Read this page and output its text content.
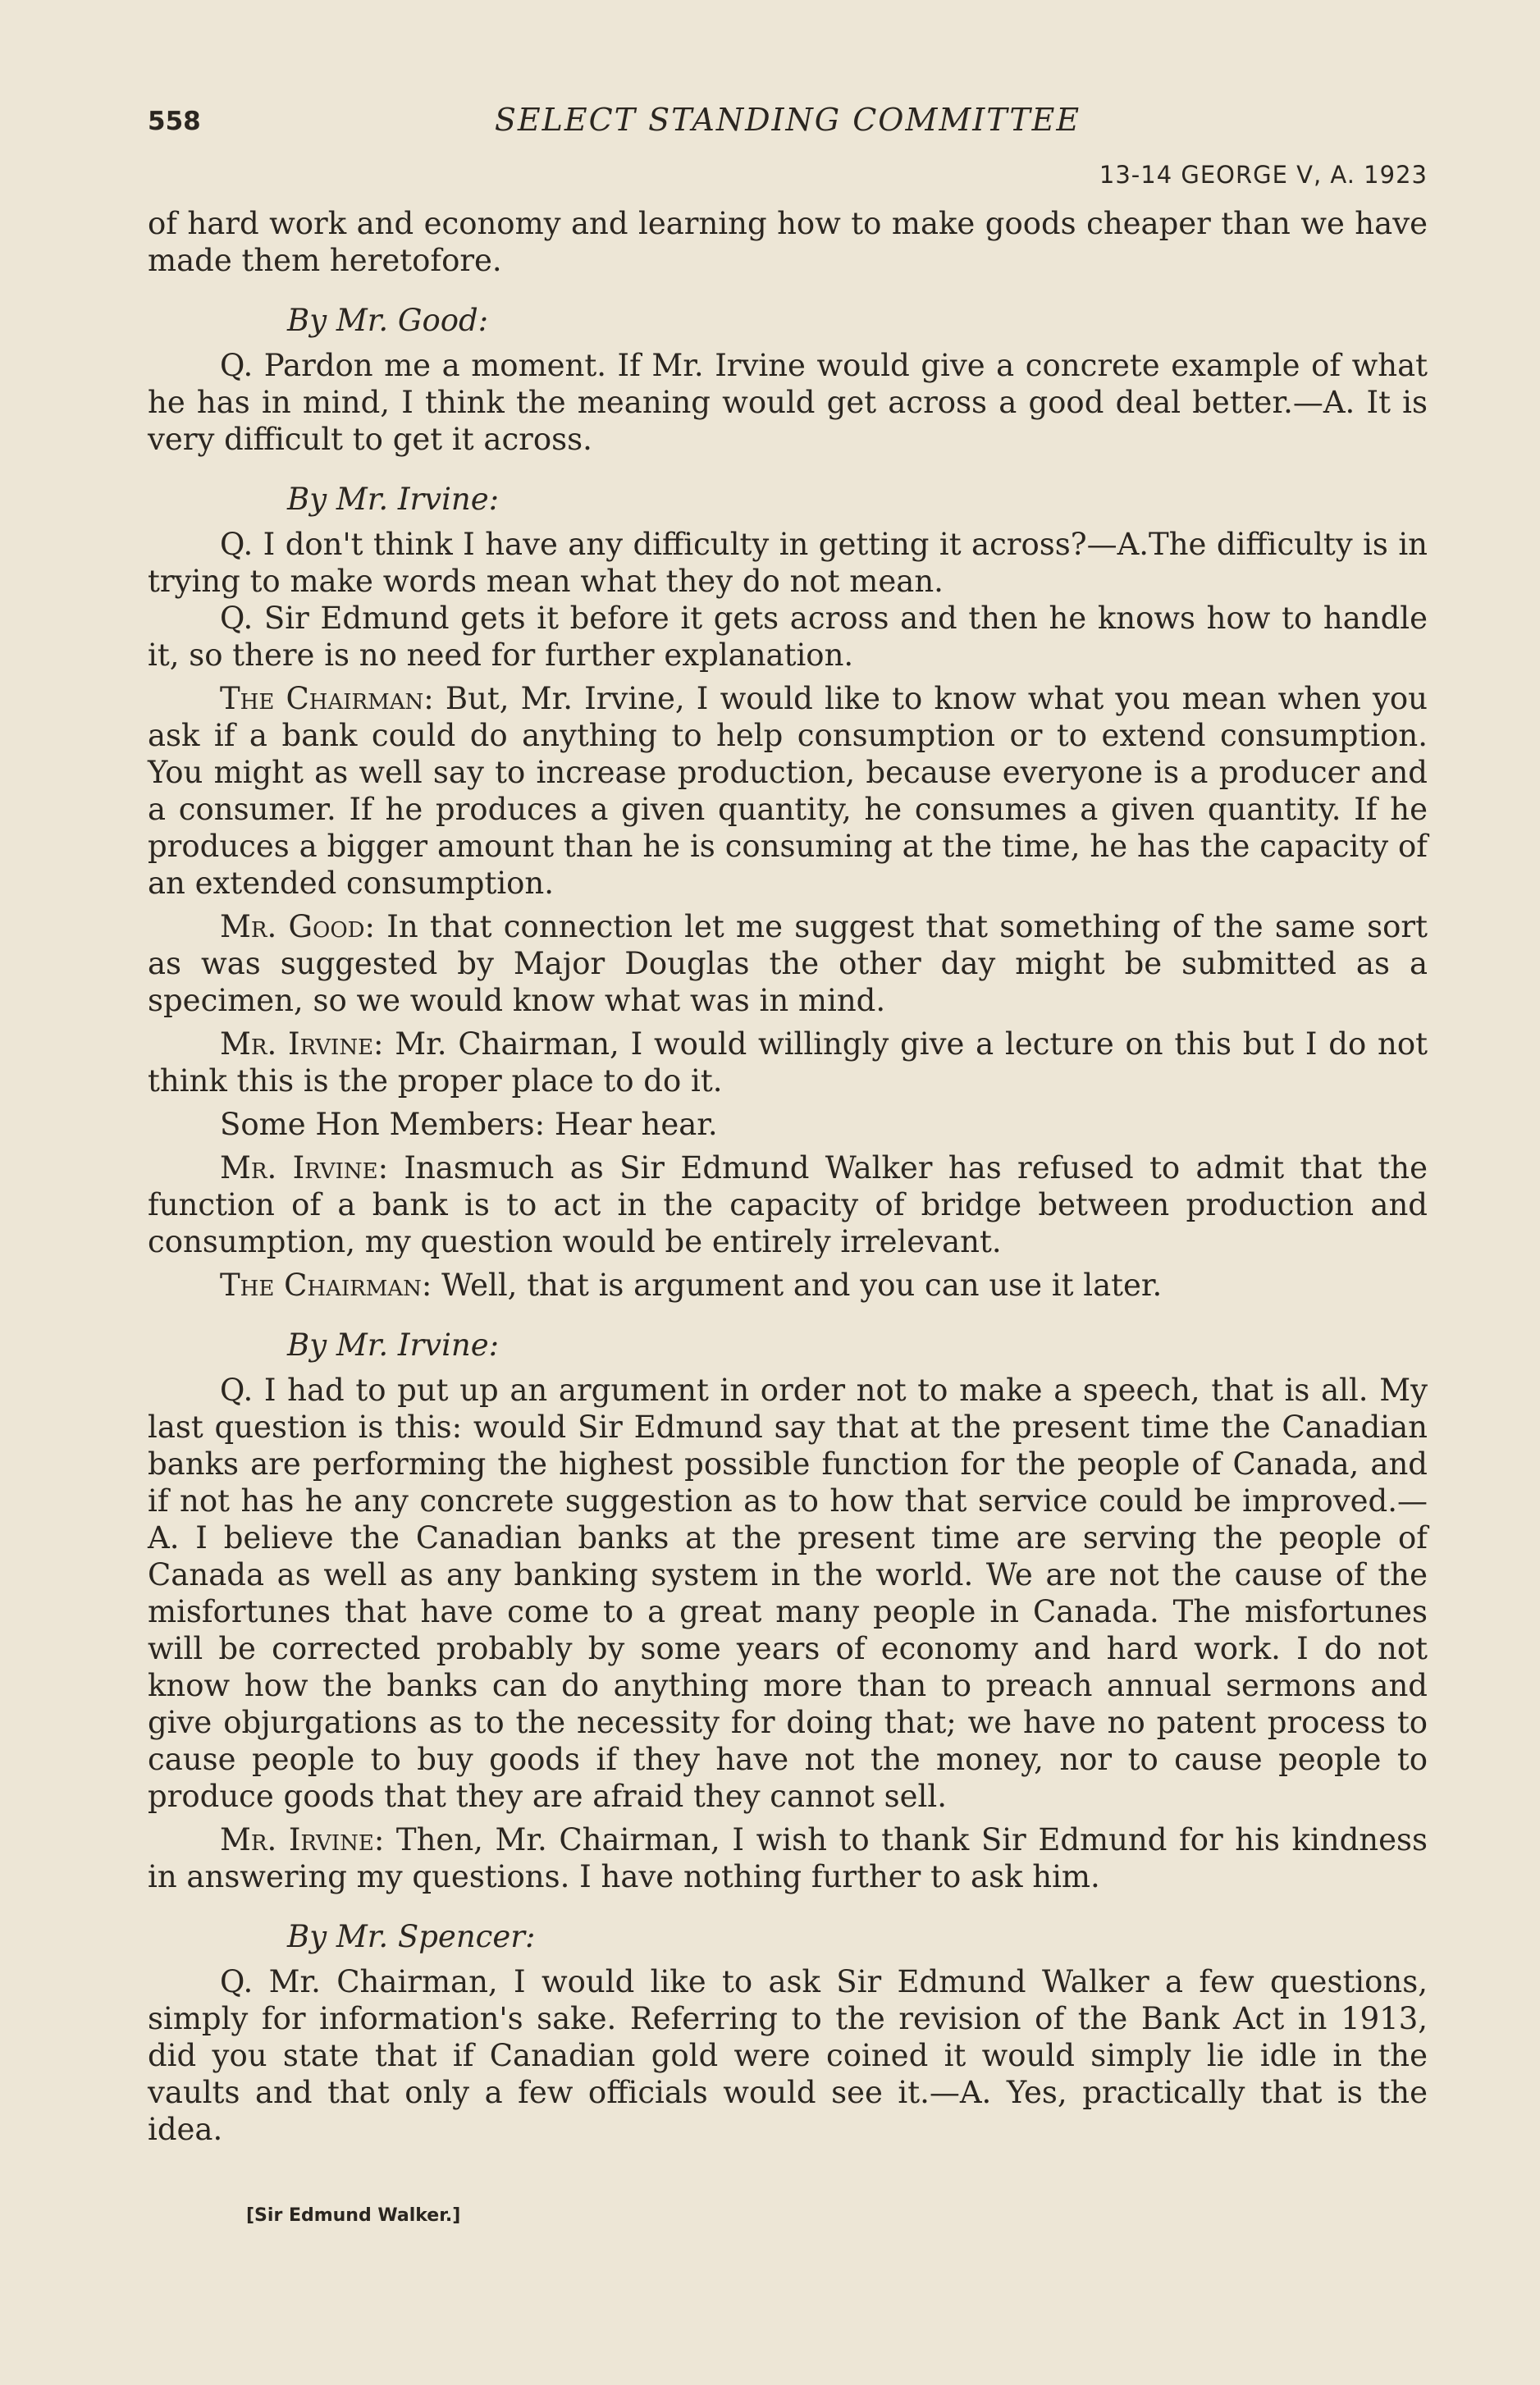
558	SELECT STANDING COMMITTEE
13-14 GEORGE V, A. 1923

of hard work and economy and learning how to make goods cheaper than we have made them heretofore.

By Mr. Good:

Q. Pardon me a moment. If Mr. Irvine would give a concrete example of what he has in mind, I think the meaning would get across a good deal better.—A. It is very difficult to get it across.

By Mr. Irvine:

Q. I don't think I have any difficulty in getting it across?—A.The difficulty is in trying to make words mean what they do not mean.

Q. Sir Edmund gets it before it gets across and then he knows how to handle it, so there is no need for further explanation.

The Chairman: But, Mr. Irvine, I would like to know what you mean when you ask if a bank could do anything to help consumption or to extend consumption. You might as well say to increase production, because everyone is a producer and a consumer. If he produces a given quantity, he consumes a given quantity. If he produces a bigger amount than he is consuming at the time, he has the capacity of an extended consumption.

Mr. Good: In that connection let me suggest that something of the same sort as was suggested by Major Douglas the other day might be submitted as a specimen, so we would know what was in mind.

Mr. Irvine: Mr. Chairman, I would willingly give a lecture on this but I do not think this is the proper place to do it.

Some Hon Members: Hear hear.

Mr. Irvine: Inasmuch as Sir Edmund Walker has refused to admit that the function of a bank is to act in the capacity of bridge between production and consumption, my question would be entirely irrelevant.

The Chairman: Well, that is argument and you can use it later.

By Mr. Irvine:

Q. I had to put up an argument in order not to make a speech, that is all. My last question is this: would Sir Edmund say that at the present time the Canadian banks are performing the highest possible function for the people of Canada, and if not has he any concrete suggestion as to how that service could be improved.—A. I believe the Canadian banks at the present time are serving the people of Canada as well as any banking system in the world. We are not the cause of the misfortunes that have come to a great many people in Canada. The misfortunes will be corrected probably by some years of economy and hard work. I do not know how the banks can do anything more than to preach annual sermons and give objurgations as to the necessity for doing that; we have no patent process to cause people to buy goods if they have not the money, nor to cause people to produce goods that they are afraid they cannot sell.

Mr. Irvine: Then, Mr. Chairman, I wish to thank Sir Edmund for his kindness in answering my questions. I have nothing further to ask him.

By Mr. Spencer:

Q. Mr. Chairman, I would like to ask Sir Edmund Walker a few questions, simply for information's sake. Referring to the revision of the Bank Act in 1913, did you state that if Canadian gold were coined it would simply lie idle in the vaults and that only a few officials would see it.—A. Yes, practically that is the idea.

[Sir Edmund Walker.]
